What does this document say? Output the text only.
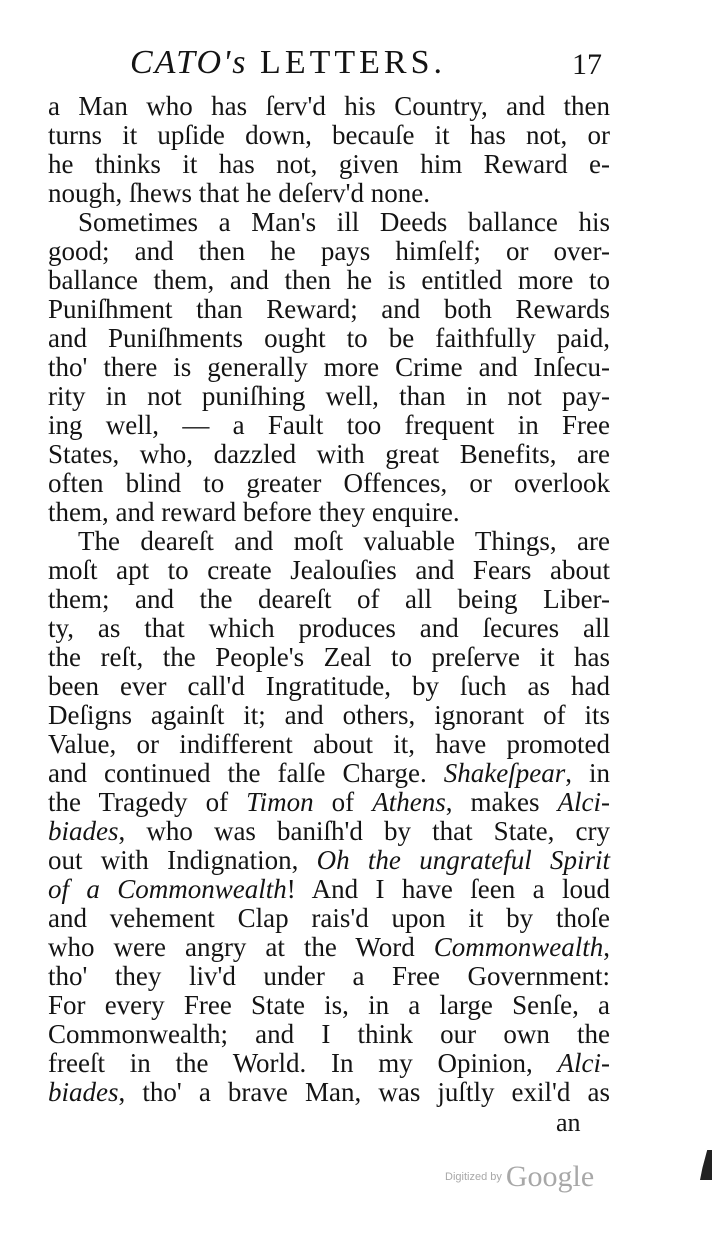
CATO's LETTERS.	17
a Man who has ſerv'd his Country, and then
turns it upſide down, becauſe it has not, or
he thinks it has not, given him Reward e-
nough, ſhews that he deſerv'd none.
Sometimes a Man's ill Deeds ballance his
good; and then he pays himſelf; or over-
ballance them, and then he is entitled more to
Puniſhment than Reward; and both Rewards
and Puniſhments ought to be faithfully paid,
tho' there is generally more Crime and Inſecu-
rity in not puniſhing well, than in not pay-
ing well, — a Fault too frequent in Free
States, who, dazzled with great Benefits, are
often blind to greater Offences, or overlook
them, and reward before they enquire.
The deareſt and moſt valuable Things, are
moſt apt to create Jealouſies and Fears about
them; and the deareſt of all being Liber-
ty, as that which produces and ſecures all
the reſt, the People's Zeal to preſerve it has
been ever call'd Ingratitude, by ſuch as had
Deſigns againſt it; and others, ignorant of its
Value, or indifferent about it, have promoted
and continued the falſe Charge. Shakeſpear, in
the Tragedy of Timon of Athens, makes Alci-
biades, who was baniſh'd by that State, cry
out with Indignation, Oh the ungrateful Spirit
of a Commonwealth! And I have ſeen a loud
and vehement Clap rais'd upon it by thoſe
who were angry at the Word Commonwealth,
tho' they liv'd under a Free Government:
For every Free State is, in a large Senſe, a
Commonwealth; and I think our own the
freeſt in the World. In my Opinion, Alci-
biades, tho' a brave Man, was juſtly exil'd as
an
Digitized by Google
